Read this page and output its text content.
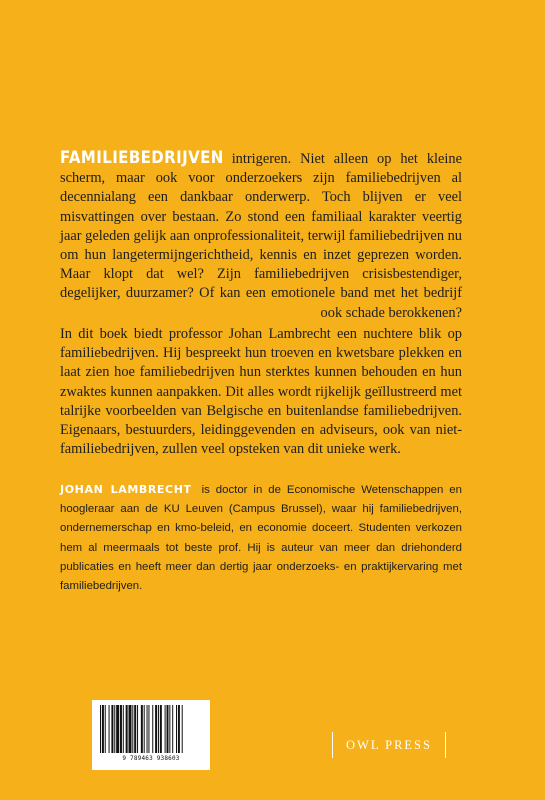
FAMILIEBEDRIJVEN intrigeren. Niet alleen op het kleine scherm, maar ook voor onderzoekers zijn familiebedrijven al decennialang een dankbaar onderwerp. Toch blijven er veel misvattingen over bestaan. Zo stond een familiaal karakter veertig jaar geleden gelijk aan onprofessionaliteit, terwijl familiebedrijven nu om hun langetermijngerichtheid, kennis en inzet geprezen worden. Maar klopt dat wel? Zijn familiebedrijven crisisbestendiger, degelijker, duurzamer? Of kan een emotionele band met het bedrijf ook schade berokkenen?
In dit boek biedt professor Johan Lambrecht een nuchtere blik op familiebedrijven. Hij bespreekt hun troeven en kwetsbare plekken en laat zien hoe familiebedrijven hun sterktes kunnen behouden en hun zwaktes kunnen aanpakken. Dit alles wordt rijkelijk geïllustreerd met talrijke voorbeelden van Belgische en buitenlandse familiebedrijven. Eigenaars, bestuurders, leidinggevenden en adviseurs, ook van niet-familiebedrijven, zullen veel opsteken van dit unieke werk.
JOHAN LAMBRECHT is doctor in de Economische Wetenschappen en hoogleraar aan de KU Leuven (Campus Brussel), waar hij familiebedrijven, ondernemerschap en kmo-beleid, en economie doceert. Studenten verkozen hem al meermaals tot beste prof. Hij is auteur van meer dan driehonderd publicaties en heeft meer dan dertig jaar onderzoeks- en praktijkervaring met familiebedrijven.
9 789463 938603
OWL PRESS
